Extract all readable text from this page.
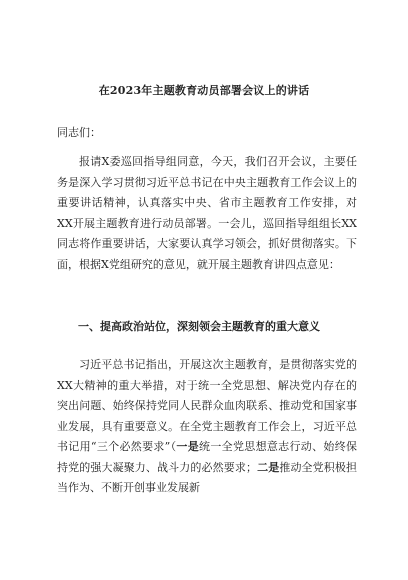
在2023年主题教育动员部署会议上的讲话
同志们：

报请X委巡回指导组同意，今天，我们召开会议，主要任务是深入学习贯彻习近平总书记在中央主题教育工作会议上的重要讲话精神，认真落实中央、省市主题教育工作安排，对XX开展主题教育进行动员部署。一会儿，巡回指导组组长XX同志将作重要讲话，大家要认真学习领会，抓好贯彻落实。下面，根据X党组研究的意见，就开展主题教育讲四点意见：

一、提高政治站位，深刻领会主题教育的重大意义

习近平总书记指出，开展这次主题教育，是贯彻落实党的XX大精神的重大举措，对于统一全党思想、解决党内存在的突出问题、始终保持党同人民群众血肉联系、推动党和国家事业发展，具有重要意义。在全党主题教育工作会上，习近平总书记用“三个必然要求”（一是统一全党思想意志行动、始终保持党的强大凝聚力、战斗力的必然要求；二是推动全党积极担当作为、不断开创事业发展新
